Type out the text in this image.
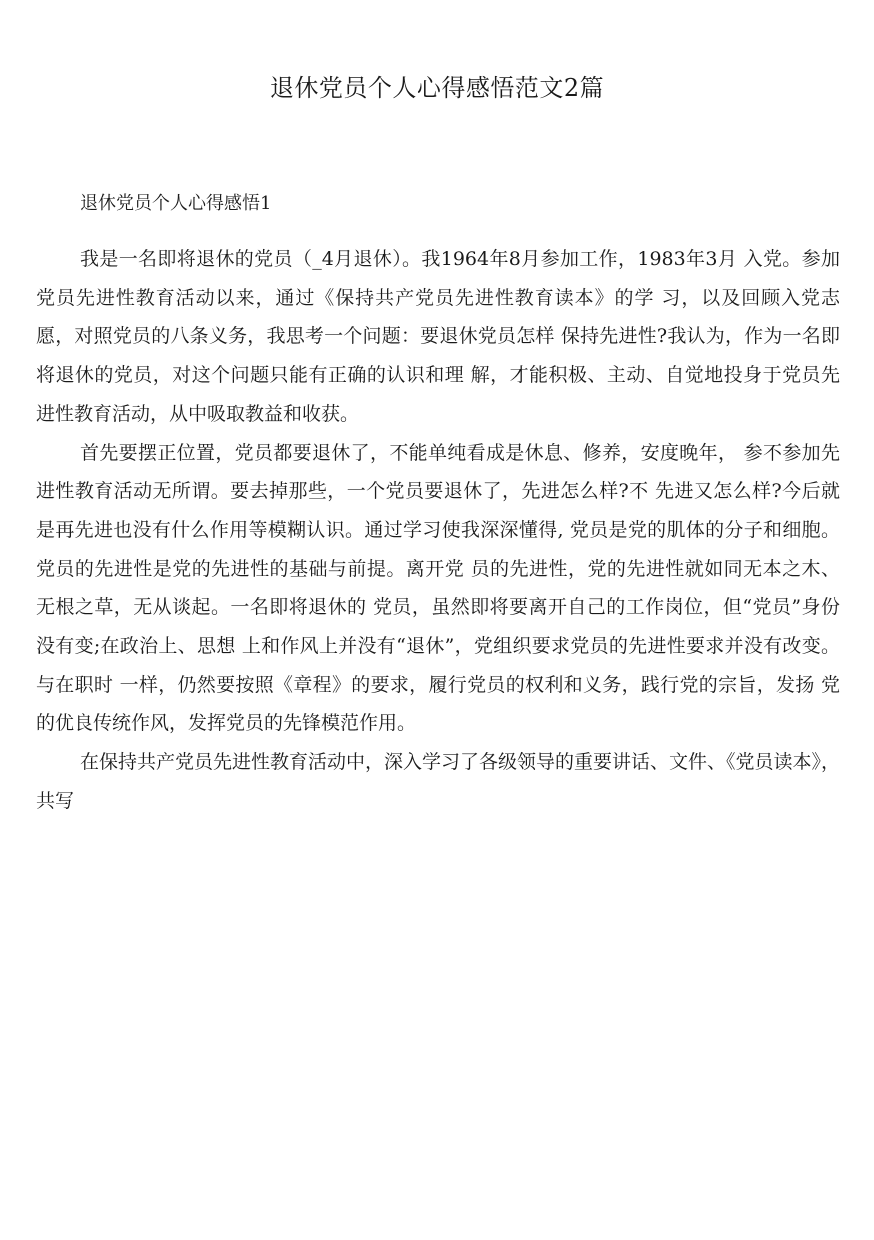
退休党员个人心得感悟范文2篇
退休党员个人心得感悟1

我是一名即将退休的党员（_4月退休）。我1964年8月参加工作，1983年3月 入党。参加党员先进性教育活动以来，通过《保持共产党员先进性教育读本》的学 习，以及回顾入党志愿，对照党员的八条义务，我思考一个问题：要退休党员怎样 保持先进性?我认为，作为一名即将退休的党员，对这个问题只能有正确的认识和理 解，才能积极、主动、自觉地投身于党员先进性教育活动，从中吸取教益和收获。

首先要摆正位置，党员都要退休了，不能单纯看成是休息、修养，安度晚年， 参不参加先进性教育活动无所谓。要去掉那些，一个党员要退休了，先进怎么样?不 先进又怎么样?今后就是再先进也没有什么作用等模糊认识。通过学习使我深深懂得, 党员是党的肌体的分子和细胞。党员的先进性是党的先进性的基础与前提。离开党 员的先进性，党的先进性就如同无本之木、无根之草，无从谈起。一名即将退休的 党员，虽然即将要离开自己的工作岗位，但“党员”身份没有变;在政治上、思想 上和作风上并没有“退休”，党组织要求党员的先进性要求并没有改变。与在职时 一样，仍然要按照《章程》的要求，履行党员的权利和义务，践行党的宗旨，发扬 党的优良传统作风，发挥党员的先锋模范作用。

在保持共产党员先进性教育活动中，深入学习了各级领导的重要讲话、文件、《党员读本》，共写
